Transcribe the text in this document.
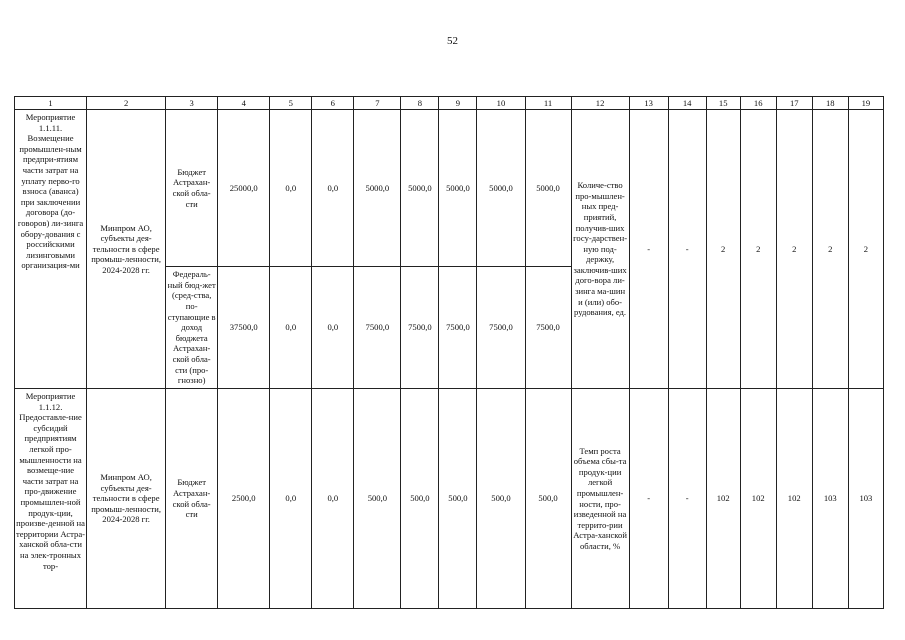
52
1	2	3	4	5	6	7	8	9	10	11	12	13	14	15	16	17	18	19
Мероприятие 1.1.11. Возмещение промышлен-ным предпри-ятиям части затрат на уплату перво-го взноса (аванса) при заключении договора (до-говоров) ли-зинга обору-дования с российскими лизинговыми организация-ми	Минпром АО, субъекты дея-тельности в сфере промыш-ленности, 2024-2028 гг.	Бюджет Астрахан-ской обла-сти	25000,0	0,0	0,0	5000,0	5000,0	5000,0	5000,0	5000,0	Количе-ство про-мышлен-ных пред-приятий, получив-ших госу-дарствен-ную под-держку, заключив-ших дого-вора ли-зинга ма-шин и (или) обо-рудования, ед.	-	-	2	2	2	2	2
		Федераль-ный бюд-жет (сред-ства, по-ступающие в доход бюджета Астрахан-ской обла-сти (про-гнозно)	37500,0	0,0	0,0	7500,0	7500,0	7500,0	7500,0	7500,0								
Мероприятие 1.1.12. Предоставле-ние субсидий предприятиям легкой про-мышленности на возмеще-ние части затрат на про-движение промышлен-ной продук-ции, произве-денной на территории Астра-ханской обла-сти на элек-тронных тор-	Минпром АО, субъекты дея-тельности в сфере промыш-ленности, 2024-2028 гг.	Бюджет Астрахан-ской обла-сти	2500,0	0,0	0,0	500,0	500,0	500,0	500,0	500,0	Темп роста объема сбы-та продук-ции легкой промышлен-ности, про-изведенной на террито-рии Астра-ханской области, %	-	-	102	102	102	103	103
